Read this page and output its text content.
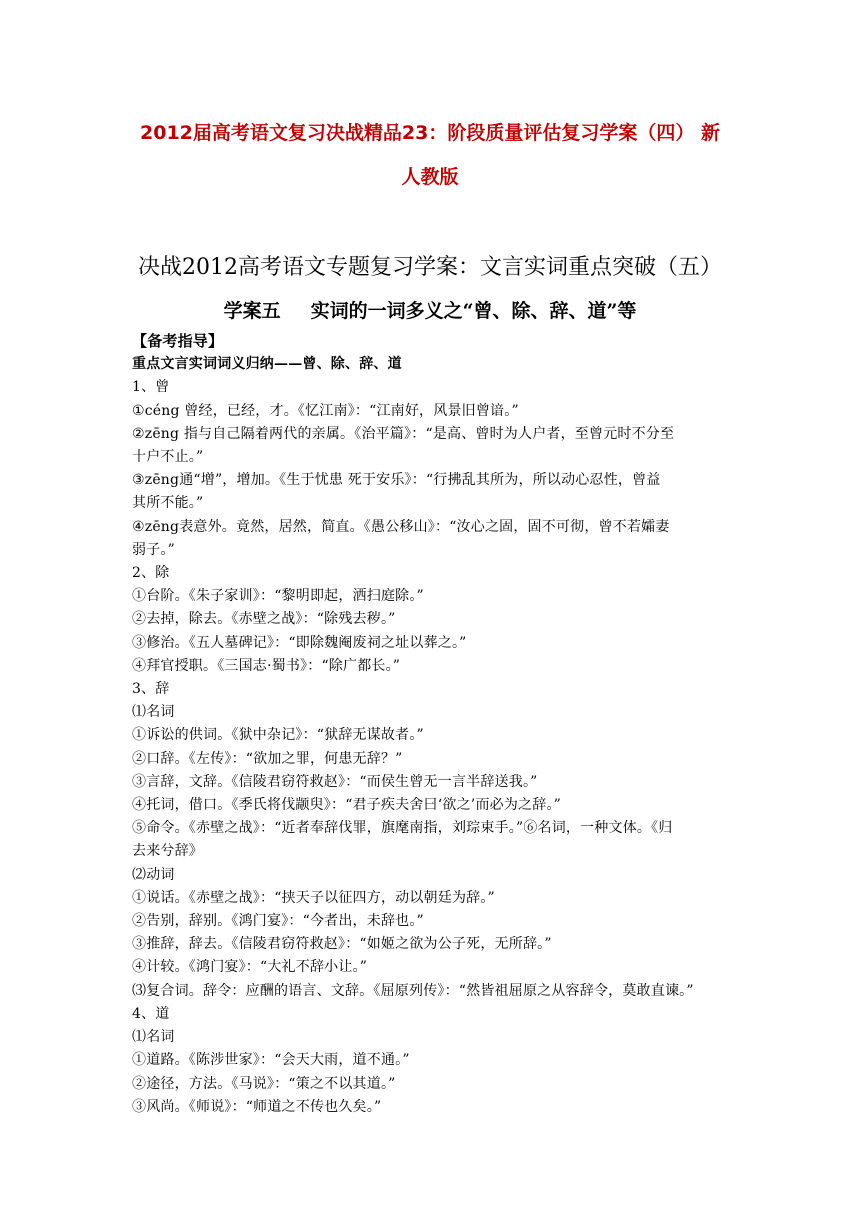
2012届高考语文复习决战精品23：阶段质量评估复习学案（四） 新
人教版
决战2012高考语文专题复习学案：文言实词重点突破（五）
学案五 实词的一词多义之“曾、除、辞、道”等

【备考指导】

重点文言实词词义归纳——曾、除、辞、道

1、曾

①céng 曾经，已经，才。《忆江南》：“江南好，风景旧曾谙。”

②zēng 指与自己隔着两代的亲属。《治平篇》：“是高、曾时为人户者，至曾元时不分至

十户不止。”

③zēng通“增”，增加。《生于忧患 死于安乐》：“行拂乱其所为，所以动心忍性，曾益

其所不能。”

④zēng表意外。竟然，居然，简直。《愚公移山》：“汝心之固，固不可彻，曾不若孀妻

弱子。”

2、除

①台阶。《朱子家训》：“黎明即起，洒扫庭除。”

②去掉，除去。《赤壁之战》：“除残去秽。”

③修治。《五人墓碑记》：“即除魏阉废祠之址以葬之。”

④拜官授职。《三国志·蜀书》：“除广都长。”

3、辞

⑴名词

①诉讼的供词。《狱中杂记》：“狱辞无谋故者。”

②口辞。《左传》：“欲加之罪，何患无辞？”

③言辞，文辞。《信陵君窃符救赵》：“而侯生曾无一言半辞送我。”

④托词，借口。《季氏将伐颛臾》：“君子疾夫舍曰‘欲之’而必为之辞。”

⑤命令。《赤壁之战》：“近者奉辞伐罪，旗麾南指，刘琮束手。”⑥名词，一种文体。《归

去来兮辞》

⑵动词

①说话。《赤壁之战》：“挟天子以征四方，动以朝廷为辞。”

②告别，辞别。《鸿门宴》：“今者出，未辞也。”

③推辞，辞去。《信陵君窃符救赵》：“如姬之欲为公子死，无所辞。”

④计较。《鸿门宴》：“大礼不辞小让。”

⑶复合词。辞令：应酬的语言、文辞。《屈原列传》：“然皆祖屈原之从容辞令，莫敢直谏。”

4、道

⑴名词

①道路。《陈涉世家》：“会天大雨，道不通。”

②途径，方法。《马说》：“策之不以其道。”

③风尚。《师说》：“师道之不传也久矣。”
